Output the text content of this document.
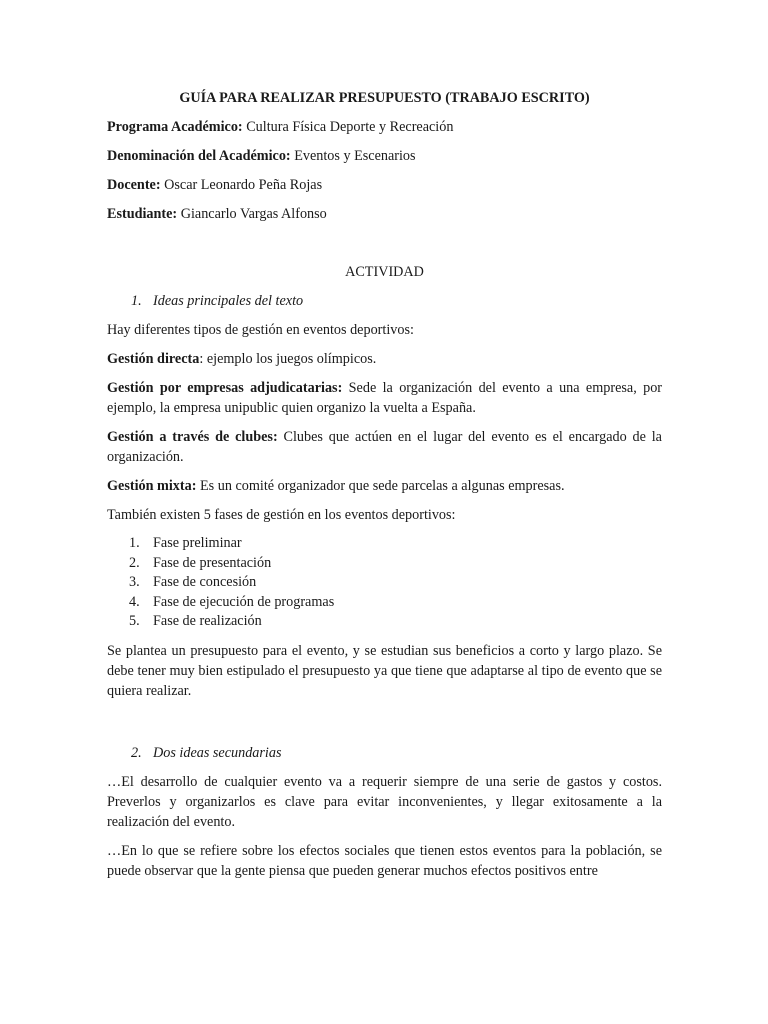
GUÍA PARA REALIZAR PRESUPUESTO (TRABAJO ESCRITO)
Programa Académico: Cultura Física Deporte y Recreación
Denominación del Académico: Eventos y Escenarios
Docente: Oscar Leonardo Peña Rojas
Estudiante: Giancarlo Vargas Alfonso
ACTIVIDAD
1. Ideas principales del texto

Hay diferentes tipos de gestión en eventos deportivos:

Gestión directa: ejemplo los juegos olímpicos.

Gestión por empresas adjudicatarias: Sede la organización del evento a una empresa, por ejemplo, la empresa unipublic quien organizo la vuelta a España.

Gestión a través de clubes: Clubes que actúen en el lugar del evento es el encargado de la organización.

Gestión mixta: Es un comité organizador que sede parcelas a algunas empresas.

También existen 5 fases de gestión en los eventos deportivos:

1. Fase preliminar
2. Fase de presentación
3. Fase de concesión
4. Fase de ejecución de programas
5. Fase de realización

Se plantea un presupuesto para el evento, y se estudian sus beneficios a corto y largo plazo. Se debe tener muy bien estipulado el presupuesto ya que tiene que adaptarse al tipo de evento que se quiera realizar.

2. Dos ideas secundarias

…El desarrollo de cualquier evento va a requerir siempre de una serie de gastos y costos. Preverlos y organizarlos es clave para evitar inconvenientes, y llegar exitosamente a la realización del evento.

…En lo que se refiere sobre los efectos sociales que tienen estos eventos para la población, se puede observar que la gente piensa que pueden generar muchos efectos positivos entre
